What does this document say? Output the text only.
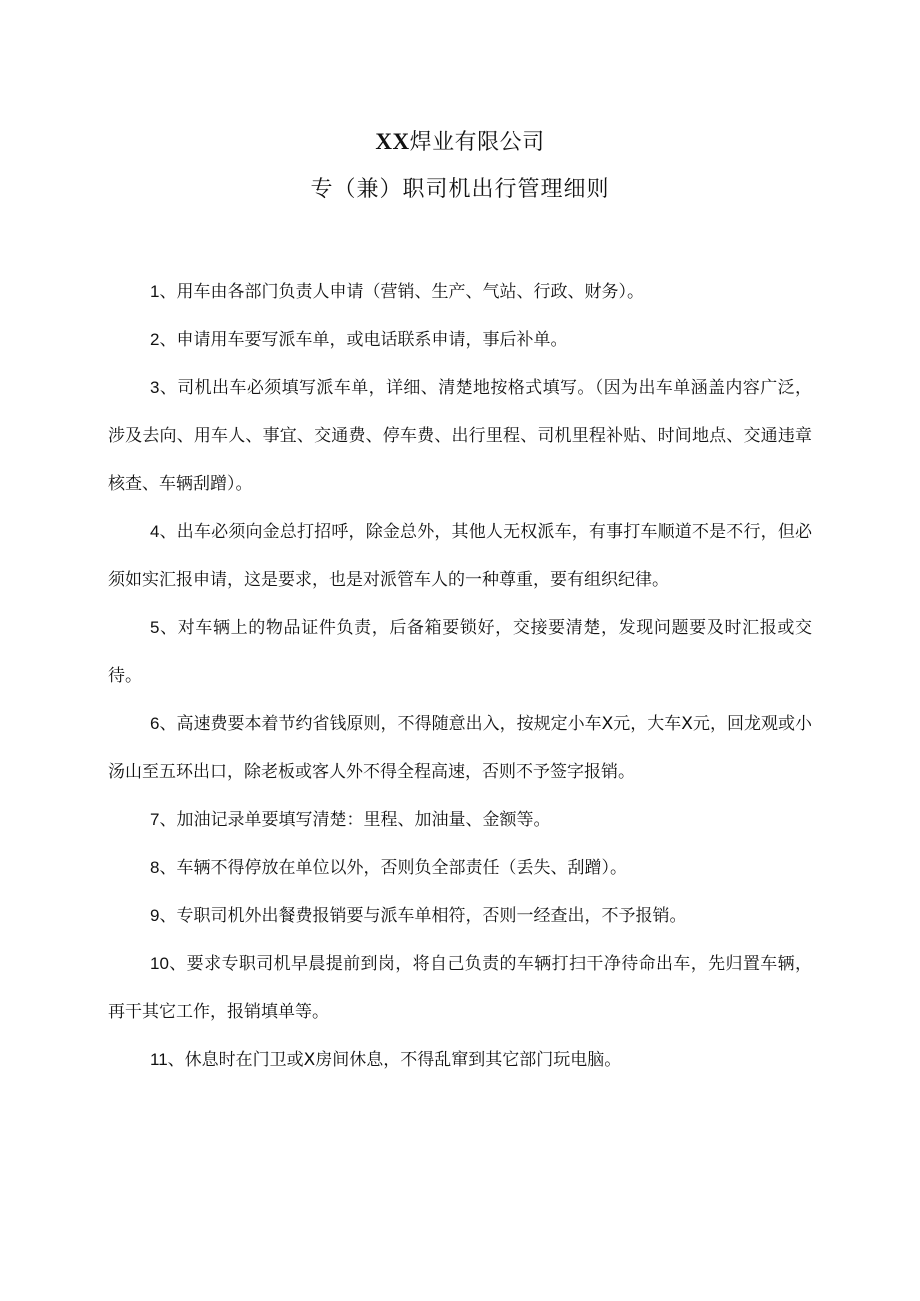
XX焊业有限公司
专（兼）职司机出行管理细则
1、用车由各部门负责人申请（营销、生产、气站、行政、财务）。
2、申请用车要写派车单，或电话联系申请，事后补单。
3、司机出车必须填写派车单，详细、清楚地按格式填写。（因为出车单涵盖内容广泛，涉及去向、用车人、事宜、交通费、停车费、出行里程、司机里程补贴、时间地点、交通违章核查、车辆刮蹭）。
4、出车必须向金总打招呼，除金总外，其他人无权派车，有事打车顺道不是不行，但必须如实汇报申请，这是要求，也是对派管车人的一种尊重，要有组织纪律。
5、对车辆上的物品证件负责，后备箱要锁好，交接要清楚，发现问题要及时汇报或交待。
6、高速费要本着节约省钱原则，不得随意出入，按规定小车X元，大车X元，回龙观或小汤山至五环出口，除老板或客人外不得全程高速，否则不予签字报销。
7、加油记录单要填写清楚：里程、加油量、金额等。
8、车辆不得停放在单位以外，否则负全部责任（丢失、刮蹭）。
9、专职司机外出餐费报销要与派车单相符，否则一经查出，不予报销。
10、要求专职司机早晨提前到岗，将自己负责的车辆打扫干净待命出车，先归置车辆，再干其它工作，报销填单等。
11、休息时在门卫或X房间休息，不得乱窜到其它部门玩电脑。
